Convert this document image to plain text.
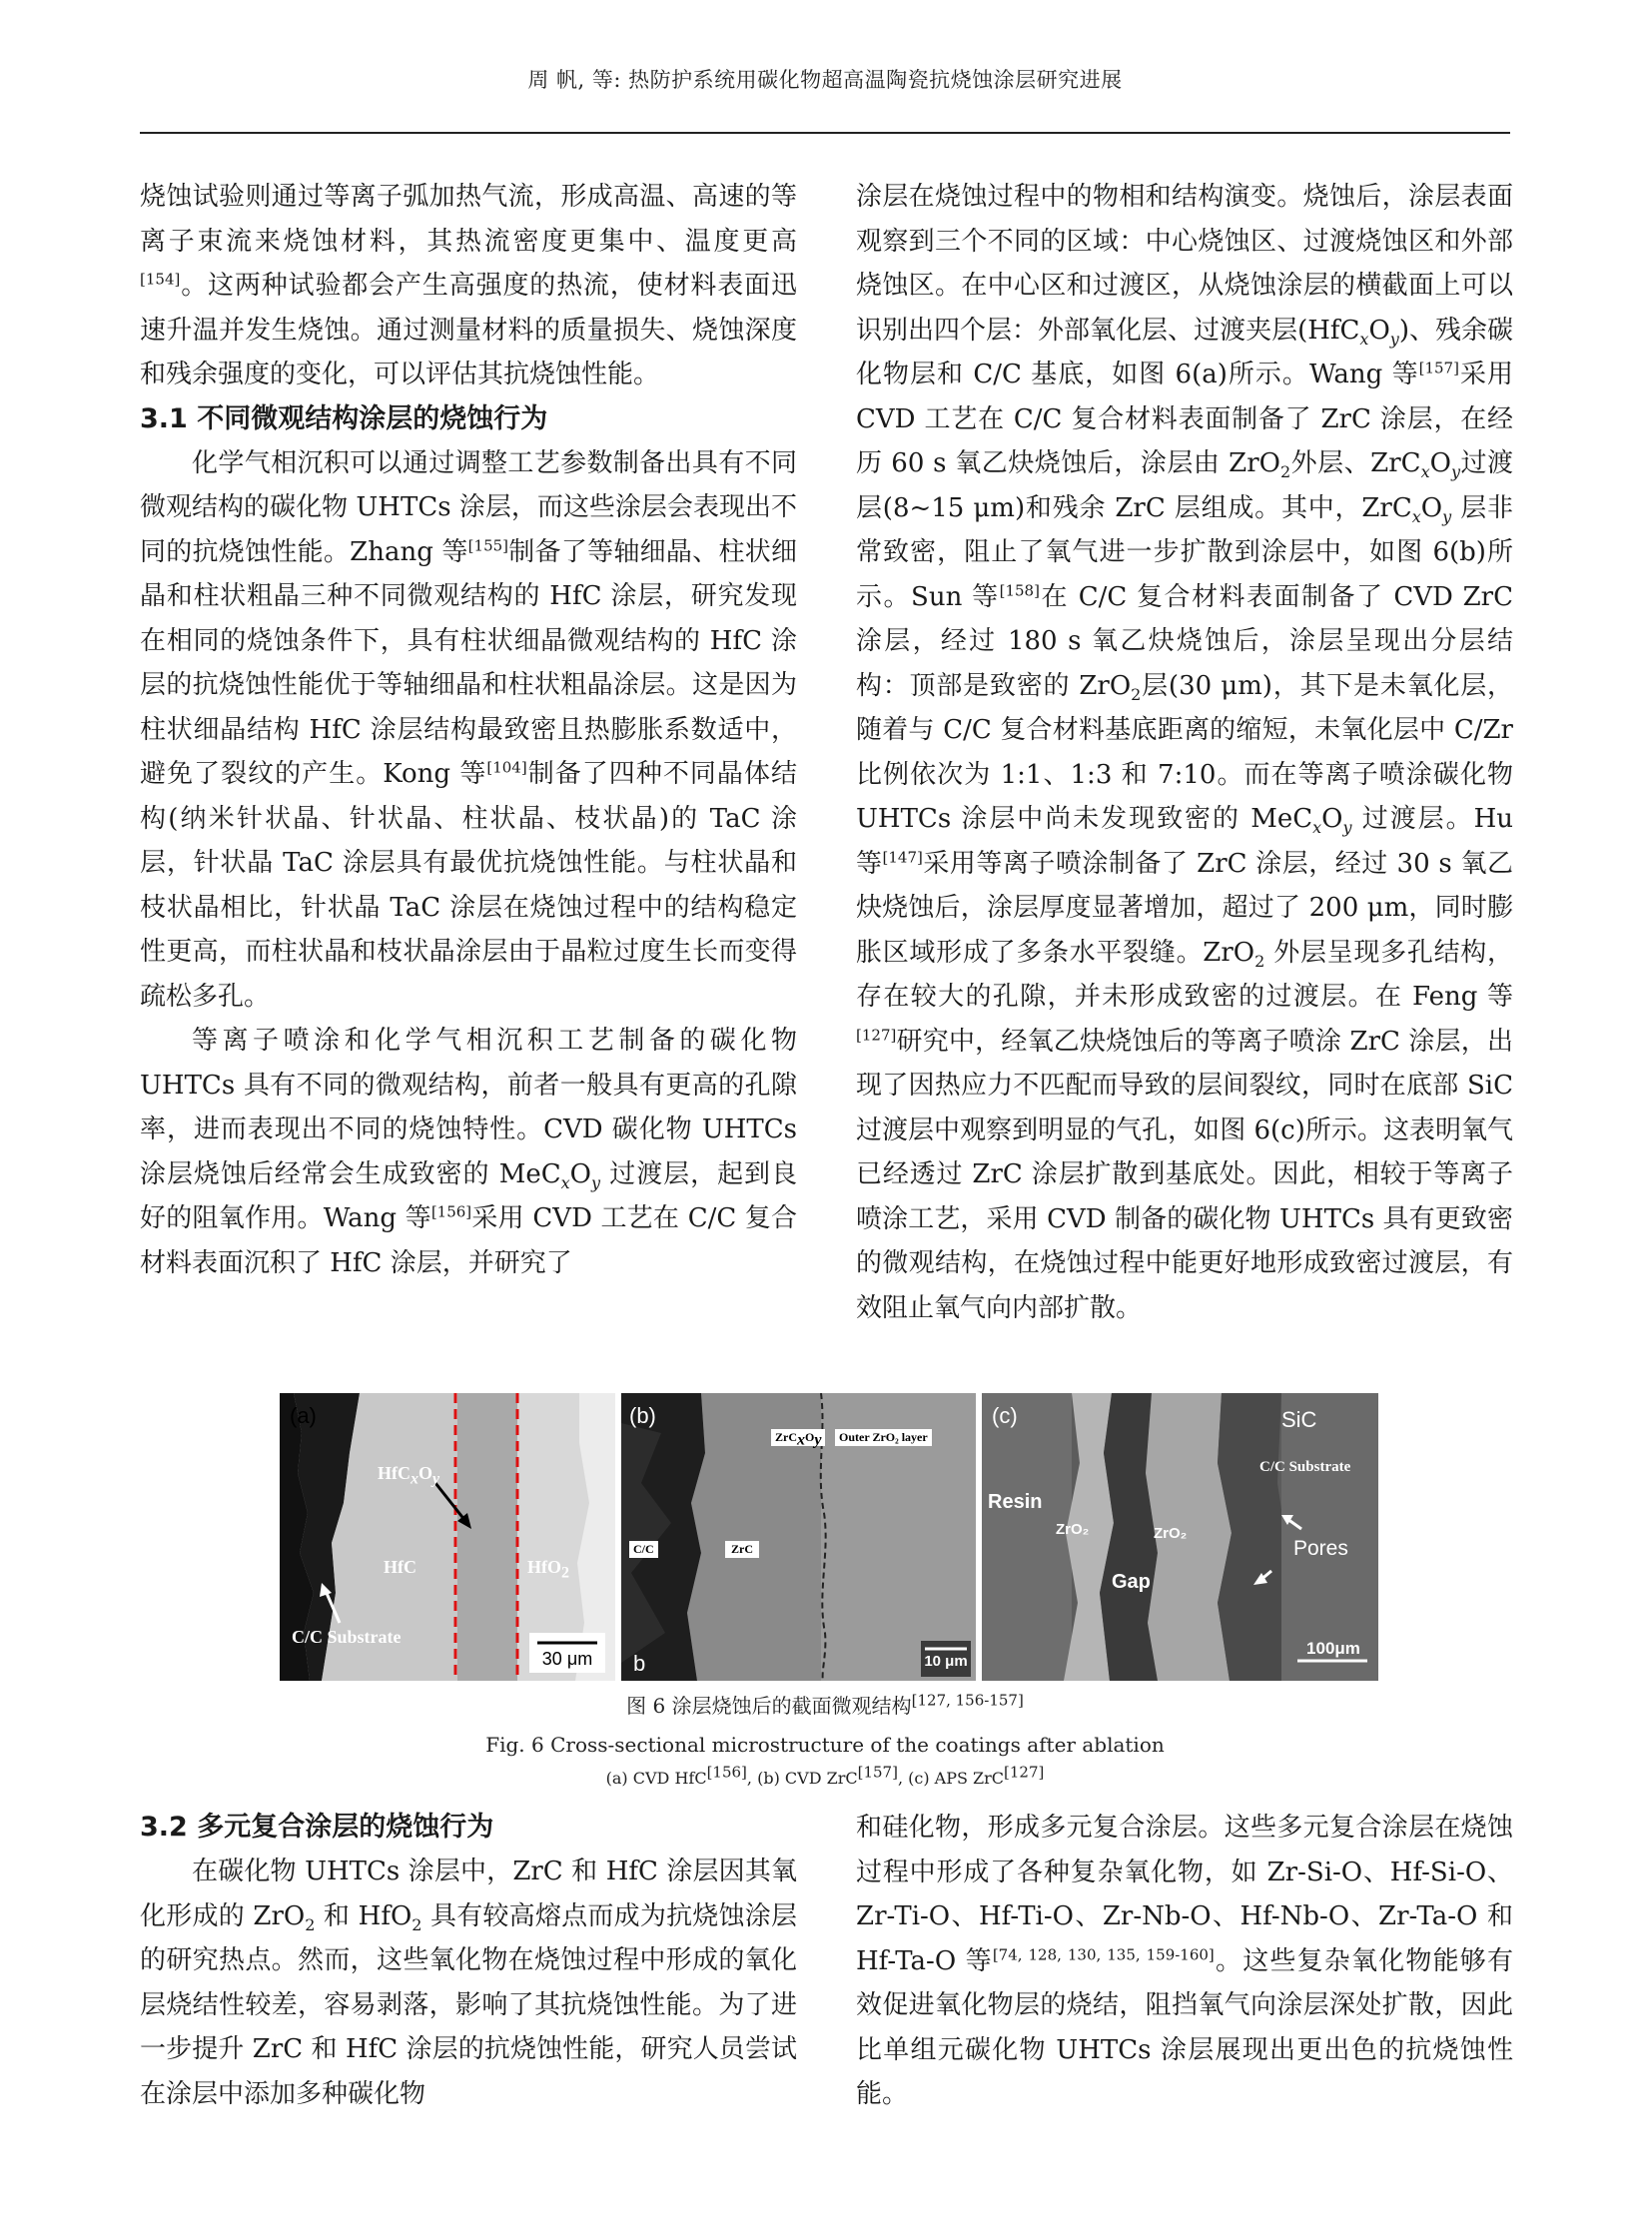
周 帆, 等: 热防护系统用碳化物超高温陶瓷抗烧蚀涂层研究进展

烧蚀试验则通过等离子弧加热气流，形成高温、高速的等离子束流来烧蚀材料，其热流密度更集中、温度更高[154]。这两种试验都会产生高强度的热流，使材料表面迅速升温并发生烧蚀。通过测量材料的质量损失、烧蚀深度和残余强度的变化，可以评估其抗烧蚀性能。

3.1 不同微观结构涂层的烧蚀行为

化学气相沉积可以通过调整工艺参数制备出具有不同微观结构的碳化物 UHTCs 涂层，而这些涂层会表现出不同的抗烧蚀性能。Zhang 等[155]制备了等轴细晶、柱状细晶和柱状粗晶三种不同微观结构的 HfC 涂层，研究发现在相同的烧蚀条件下，具有柱状细晶微观结构的 HfC 涂层的抗烧蚀性能优于等轴细晶和柱状粗晶涂层。这是因为柱状细晶结构 HfC 涂层结构最致密且热膨胀系数适中，避免了裂纹的产生。Kong 等[104]制备了四种不同晶体结构(纳米针状晶、针状晶、柱状晶、枝状晶)的 TaC 涂层，针状晶 TaC 涂层具有最优抗烧蚀性能。与柱状晶和枝状晶相比，针状晶 TaC 涂层在烧蚀过程中的结构稳定性更高，而柱状晶和枝状晶涂层由于晶粒过度生长而变得疏松多孔。

等离子喷涂和化学气相沉积工艺制备的碳化物 UHTCs 具有不同的微观结构，前者一般具有更高的孔隙率，进而表现出不同的烧蚀特性。CVD 碳化物 UHTCs 涂层烧蚀后经常会生成致密的 $MeC_xO_y$ 过渡层，起到良好的阻氧作用。Wang 等[156]采用 CVD 工艺在 C/C 复合材料表面沉积了 HfC 涂层，并研究了

涂层在烧蚀过程中的物相和结构演变。烧蚀后，涂层表面观察到三个不同的区域：中心烧蚀区、过渡烧蚀区和外部烧蚀区。在中心区和过渡区，从烧蚀涂层的横截面上可以识别出四个层：外部氧化层、过渡夹层$(HfC_xO_y)$、残余碳化物层和 C/C 基底，如图 6(a)所示。Wang 等[157]采用 CVD 工艺在 C/C 复合材料表面制备了 ZrC 涂层，在经历 60 s 氧乙炔烧蚀后，涂层由 ZrO$_2$外层、$ZrC_xO_y$过渡层(8~15 μm)和残余 ZrC 层组成。其中，$ZrC_xO_y$ 层非常致密，阻止了氧气进一步扩散到涂层中，如图 6(b)所示。Sun 等[158]在 C/C 复合材料表面制备了 CVD ZrC 涂层，经过 180 s 氧乙炔烧蚀后，涂层呈现出分层结构：顶部是致密的 ZrO$_2$层(30 μm)，其下是未氧化层，随着与 C/C 复合材料基底距离的缩短，未氧化层中 C/Zr 比例依次为 1:1、1:3 和 7:10。而在等离子喷涂碳化物 UHTCs 涂层中尚未发现致密的 $MeC_xO_y$ 过渡层。Hu 等[147]采用等离子喷涂制备了 ZrC 涂层，经过 30 s 氧乙炔烧蚀后，涂层厚度显著增加，超过了 200 μm，同时膨胀区域形成了多条水平裂缝。ZrO$_2$ 外层呈现多孔结构，存在较大的孔隙，并未形成致密的过渡层。在 Feng 等[127]研究中，经氧乙炔烧蚀后的等离子喷涂 ZrC 涂层，出现了因热应力不匹配而导致的层间裂纹，同时在底部 SiC 过渡层中观察到明显的气孔，如图 6(c)所示。这表明氧气已经透过 ZrC 涂层扩散到基底处。因此，相较于等离子喷涂工艺，采用 CVD 制备的碳化物 UHTCs 具有更致密的微观结构，在烧蚀过程中能更好地形成致密过渡层，有效阻止氧气向内部扩散。

(a)
HfCxOy
HfC	HfO2
C/C Substrate
30 μm
(b)
ZrCxOy	Outer ZrO₂ layer
C/C	ZrC
b	10 μm
(c)	SiC
C/C Substrate
Resin
ZrO₂	ZrO₂
Pores
Gap
100μm
图 6 涂层烧蚀后的截面微观结构[127, 156-157]
Fig. 6 Cross-sectional microstructure of the coatings after ablation
(a) CVD HfC[156], (b) CVD ZrC[157], (c) APS ZrC[127]

3.2 多元复合涂层的烧蚀行为

在碳化物 UHTCs 涂层中，ZrC 和 HfC 涂层因其氧化形成的 ZrO$_2$ 和 HfO$_2$ 具有较高熔点而成为抗烧蚀涂层的研究热点。然而，这些氧化物在烧蚀过程中形成的氧化层烧结性较差，容易剥落，影响了其抗烧蚀性能。为了进一步提升 ZrC 和 HfC 涂层的抗烧蚀性能，研究人员尝试在涂层中添加多种碳化物

和硅化物，形成多元复合涂层。这些多元复合涂层在烧蚀过程中形成了各种复杂氧化物，如 Zr-Si-O、Hf-Si-O、Zr-Ti-O、Hf-Ti-O、Zr-Nb-O、Hf-Nb-O、Zr-Ta-O 和 Hf-Ta-O 等[74, 128, 130, 135, 159-160]。这些复杂氧化物能够有效促进氧化物层的烧结，阻挡氧气向涂层深处扩散，因此比单组元碳化物 UHTCs 涂层展现出更出色的抗烧蚀性能。
